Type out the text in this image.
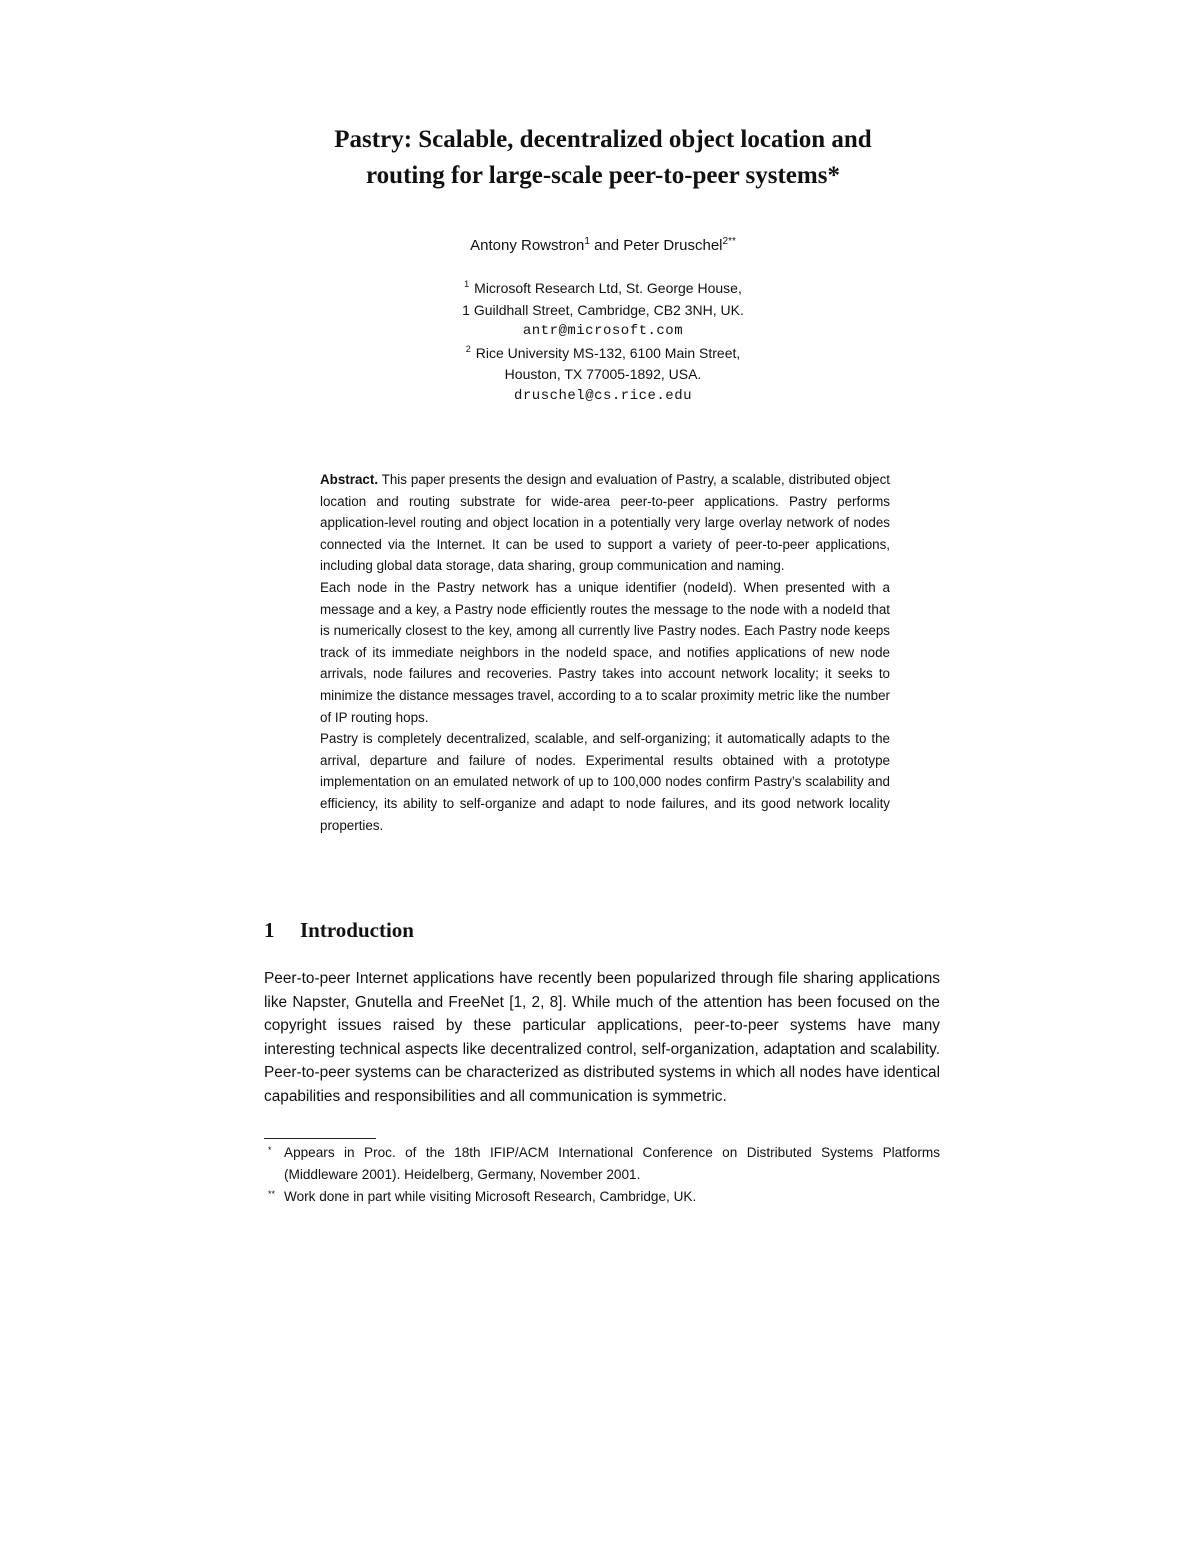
Pastry: Scalable, decentralized object location and
routing for large-scale peer-to-peer systems*
Antony Rowstron$^1$ and Peter Druschel$^{2**}$
$^1$ Microsoft Research Ltd, St. George House,
1 Guildhall Street, Cambridge, CB2 3NH, UK.
antr@microsoft.com
$^2$ Rice University MS-132, 6100 Main Street,
Houston, TX 77005-1892, USA.
druschel@cs.rice.edu

Abstract. This paper presents the design and evaluation of Pastry, a scalable, distributed object location and routing substrate for wide-area peer-to-peer applications. Pastry performs application-level routing and object location in a potentially very large overlay network of nodes connected via the Internet. It can be used to support a variety of peer-to-peer applications, including global data storage, data sharing, group communication and naming.

Each node in the Pastry network has a unique identifier (nodeId). When presented with a message and a key, a Pastry node efficiently routes the message to the node with a nodeId that is numerically closest to the key, among all currently live Pastry nodes. Each Pastry node keeps track of its immediate neighbors in the nodeId space, and notifies applications of new node arrivals, node failures and recoveries. Pastry takes into account network locality; it seeks to minimize the distance messages travel, according to a to scalar proximity metric like the number of IP routing hops.

Pastry is completely decentralized, scalable, and self-organizing; it automatically adapts to the arrival, departure and failure of nodes. Experimental results obtained with a prototype implementation on an emulated network of up to 100,000 nodes confirm Pastry’s scalability and efficiency, its ability to self-organize and adapt to node failures, and its good network locality properties.

1 Introduction

Peer-to-peer Internet applications have recently been popularized through file sharing applications like Napster, Gnutella and FreeNet [1, 2, 8]. While much of the attention has been focused on the copyright issues raised by these particular applications, peer-to-peer systems have many interesting technical aspects like decentralized control, self-organization, adaptation and scalability. Peer-to-peer systems can be characterized as distributed systems in which all nodes have identical capabilities and responsibilities and all communication is symmetric.

* Appears in Proc. of the 18th IFIP/ACM International Conference on Distributed Systems Platforms (Middleware 2001). Heidelberg, Germany, November 2001.
** Work done in part while visiting Microsoft Research, Cambridge, UK.
